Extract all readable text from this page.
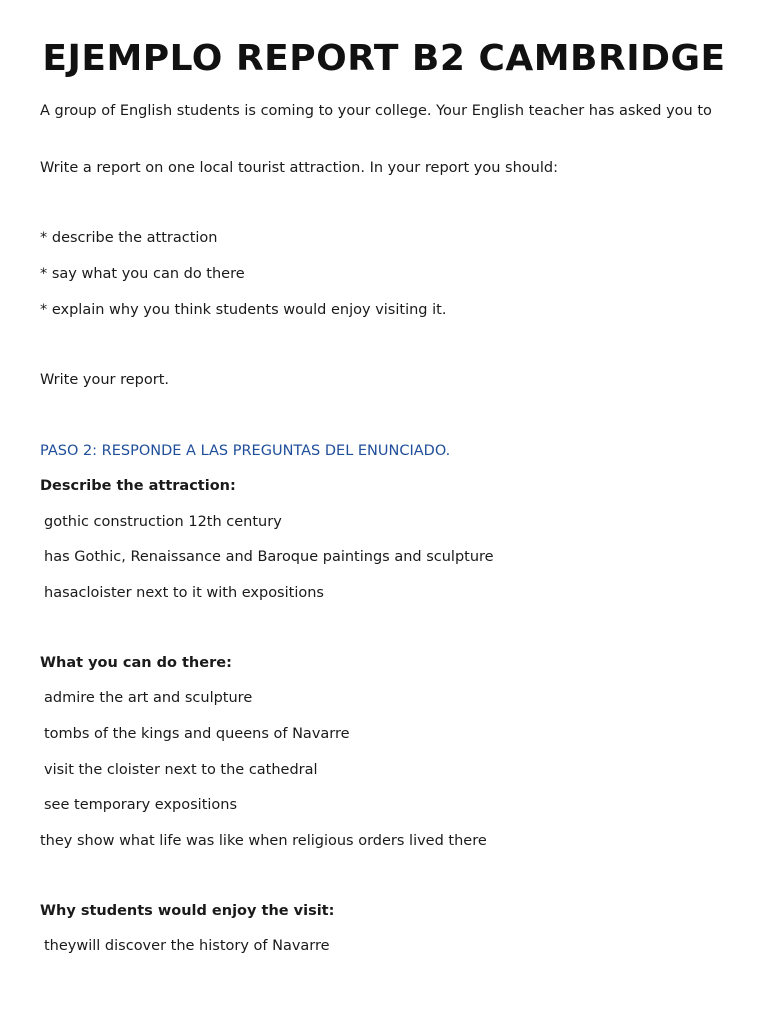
EJEMPLO REPORT B2 CAMBRIDGE
A group of English students is coming to your college. Your English teacher has asked you to
Write a report on one local tourist attraction. In your report you should:
* describe the attraction
* say what you can do there
* explain why you think students would enjoy visiting it.
Write your report.
PASO 2: RESPONDE A LAS PREGUNTAS DEL ENUNCIADO.
Describe the attraction:
gothic construction 12th century
has Gothic, Renaissance and Baroque paintings and sculpture
hasacloister next to it with expositions
What you can do there:
admire the art and sculpture
tombs of the kings and queens of Navarre
visit the cloister next to the cathedral
see temporary expositions
they show what life was like when religious orders lived there
Why students would enjoy the visit:
theywill discover the history of Navarre
